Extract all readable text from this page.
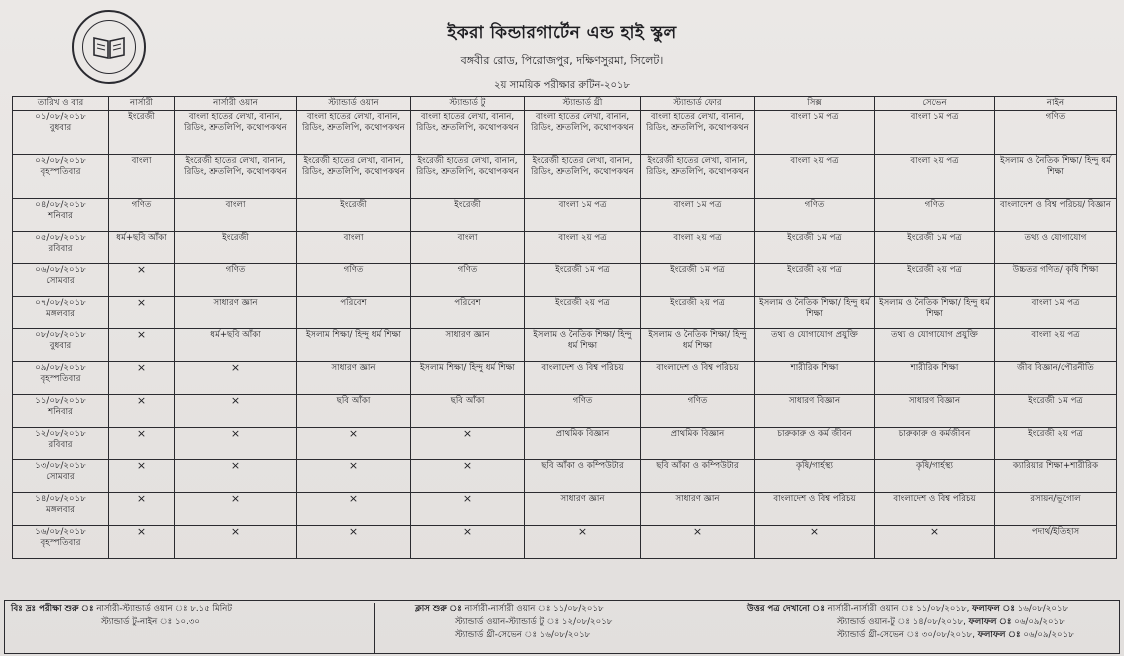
ইকরা কিন্ডারগার্টেন এন্ড হাই স্কুল
বঙ্গবীর রোড, পিরোজপুর, দক্ষিণসুরমা, সিলেট।
২য় সাময়িক পরীক্ষার রুটিন-২০১৮
তারিখ ও বার	নার্সারী	নার্সারী ওয়ান	স্ট্যান্ডার্ড ওয়ান	স্ট্যান্ডার্ড টু	স্ট্যান্ডার্ড থ্রী	স্ট্যান্ডার্ড ফোর	সিক্স	সেভেন	নাইন

০১/০৮/২০১৮
বুধবার	ইংরেজী	বাংলা হাতের লেখা, বানান, রিডিং, শ্রুতলিপি, কথোপকথন	বাংলা হাতের লেখা, বানান, রিডিং, শ্রুতলিপি, কথোপকথন	বাংলা হাতের লেখা, বানান, রিডিং, শ্রুতলিপি, কথোপকথন	বাংলা হাতের লেখা, বানান, রিডিং, শ্রুতলিপি, কথোপকথন	বাংলা হাতের লেখা, বানান, রিডিং, শ্রুতলিপি, কথোপকথন	বাংলা ১ম পত্র	বাংলা ১ম পত্র	গণিত

০২/০৮/২০১৮
বৃহস্পতিবার	বাংলা	ইংরেজী হাতের লেখা, বানান, রিডিং, শ্রুতলিপি, কথোপকথন	ইংরেজী হাতের লেখা, বানান, রিডিং, শ্রুতলিপি, কথোপকথন	ইংরেজী হাতের লেখা, বানান, রিডিং, শ্রুতলিপি, কথোপকথন	ইংরেজী হাতের লেখা, বানান, রিডিং, শ্রুতলিপি, কথোপকথন	ইংরেজী হাতের লেখা, বানান, রিডিং, শ্রুতলিপি, কথোপকথন	বাংলা ২য় পত্র	বাংলা ২য় পত্র	ইসলাম ও নৈতিক শিক্ষা/ হিন্দু ধর্ম শিক্ষা

০৪/০৮/২০১৮
শনিবার	গণিত	বাংলা	ইংরেজী	ইংরেজী	বাংলা ১ম পত্র	বাংলা ১ম পত্র	গণিত	গণিত	বাংলাদেশ ও বিশ্ব পরিচয়/ বিজ্ঞান

০৫/০৮/২০১৮
রবিবার	ধর্ম+ছবি আঁকা	ইংরেজী	বাংলা	বাংলা	বাংলা ২য় পত্র	বাংলা ২য় পত্র	ইংরেজী ১ম পত্র	ইংরেজী ১ম পত্র	তথ্য ও যোগাযোগ

০৬/০৮/২০১৮
সোমবার	×	গণিত	গণিত	গণিত	ইংরেজী ১ম পত্র	ইংরেজী ১ম পত্র	ইংরেজী ২য় পত্র	ইংরেজী ২য় পত্র	উচ্চতর গণিত/ কৃষি শিক্ষা

০৭/০৮/২০১৮
মঙ্গলবার	×	সাধারণ জ্ঞান	পরিবেশ	পরিবেশ	ইংরেজী ২য় পত্র	ইংরেজী ২য় পত্র	ইসলাম ও নৈতিক শিক্ষা/ হিন্দু ধর্ম শিক্ষা	ইসলাম ও নৈতিক শিক্ষা/ হিন্দু ধর্ম শিক্ষা	বাংলা ১ম পত্র

০৮/০৮/২০১৮
বুধবার	×	ধর্ম+ছবি আঁকা	ইসলাম শিক্ষা/ হিন্দু ধর্ম শিক্ষা	সাধারণ জ্ঞান	ইসলাম ও নৈতিক শিক্ষা/ হিন্দু ধর্ম শিক্ষা	ইসলাম ও নৈতিক শিক্ষা/ হিন্দু ধর্ম শিক্ষা	তথ্য ও যোগাযোগ প্রযুক্তি	তথ্য ও যোগাযোগ প্রযুক্তি	বাংলা ২য় পত্র

০৯/০৮/২০১৮
বৃহস্পতিবার	×	×	সাধারণ জ্ঞান	ইসলাম শিক্ষা/ হিন্দু ধর্ম শিক্ষা	বাংলাদেশ ও বিশ্ব পরিচয়	বাংলাদেশ ও বিশ্ব পরিচয়	শারীরিক শিক্ষা	শারীরিক শিক্ষা	জীব বিজ্ঞান/পৌরনীতি

১১/০৮/২০১৮
শনিবার	×	×	ছবি আঁকা	ছবি আঁকা	গণিত	গণিত	সাধারণ বিজ্ঞান	সাধারণ বিজ্ঞান	ইংরেজী ১ম পত্র

১২/০৮/২০১৮
রবিবার	×	×	×	×	প্রাথমিক বিজ্ঞান	প্রাথমিক বিজ্ঞান	চারুকারু ও কর্ম জীবন	চারুকারু ও কর্মজীবন	ইংরেজী ২য় পত্র

১৩/০৮/২০১৮
সোমবার	×	×	×	×	ছবি আঁকা ও কম্পিউটার	ছবি আঁকা ও কম্পিউটার	কৃষি/গার্হস্থ্য	কৃষি/গার্হস্থ্য	ক্যারিয়ার শিক্ষা+শারীরিক

১৪/০৮/২০১৮
মঙ্গলবার	×	×	×	×	সাধারণ জ্ঞান	সাধারণ জ্ঞান	বাংলাদেশ ও বিশ্ব পরিচয়	বাংলাদেশ ও বিশ্ব পরিচয়	রসায়ন/ভূগোল

১৬/০৮/২০১৮
বৃহস্পতিবার	×	×	×	×	×	×	×	×	পদার্থ/ইতিহাস
বিঃ দ্রঃ পরীক্ষা শুরু ঃ নার্সারী-স্ট্যান্ডার্ড ওয়ান ঃ ৮.১৫ মিনিট
স্ট্যান্ডার্ড টু-নাইন ঃ ১০.৩০
ক্লাস শুরু ঃ নার্সারী-নার্সারী ওয়ান ঃ ১১/০৮/২০১৮
স্ট্যান্ডার্ড ওয়ান-স্ট্যান্ডার্ড টু ঃ ১২/০৮/২০১৮
স্ট্যান্ডার্ড থ্রী-সেভেন ঃ ১৬/০৮/২০১৮
উত্তর পত্র দেখানো ঃ নার্সারী-নার্সারী ওয়ান ঃ ১১/০৮/২০১৮, ফলাফল ঃ ১৬/০৮/২০১৮
স্ট্যান্ডার্ড ওয়ান-টু ঃ ১৪/০৮/২০১৮, ফলাফল ঃ ০৬/০৯/২০১৮
স্ট্যান্ডার্ড থ্রী-সেভেন ঃ ৩০/০৮/২০১৮, ফলাফল ঃ ০৬/০৯/২০১৮
